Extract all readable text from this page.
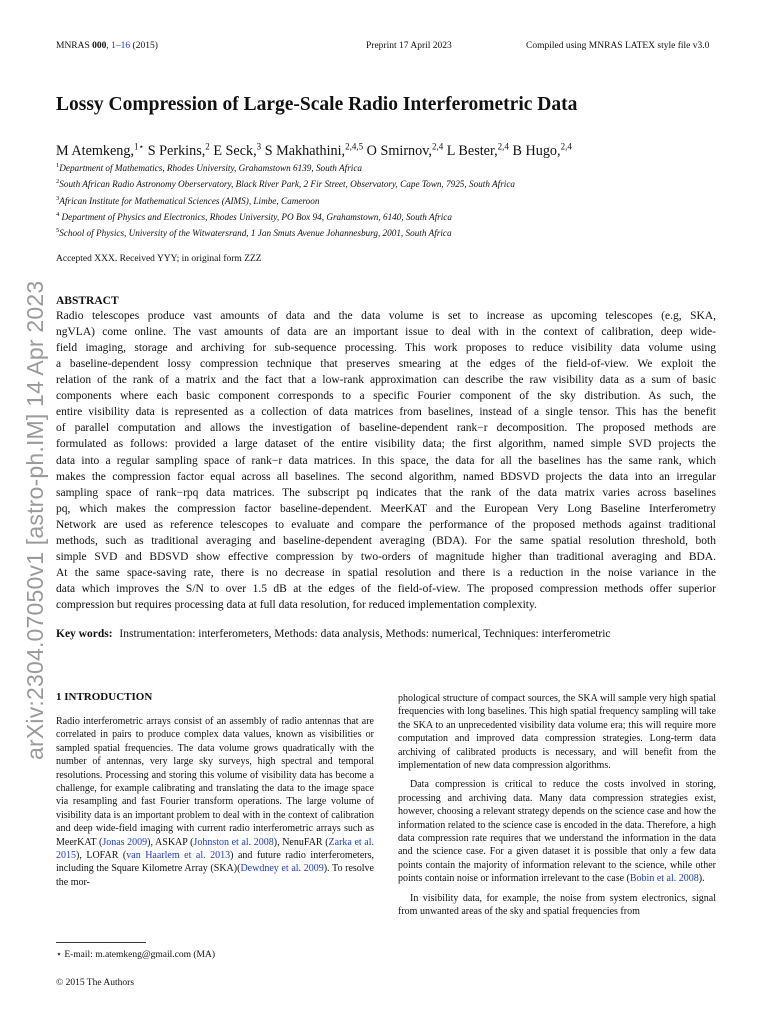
MNRAS 000, 1–16 (2015)	Preprint 17 April 2023	Compiled using MNRAS LATEX style file v3.0
arXiv:2304.07050v1 [astro-ph.IM] 14 Apr 2023
Lossy Compression of Large-Scale Radio Interferometric Data
M Atemkeng,$^{1⋆}$ S Perkins,$^2$ E Seck,$^3$ S Makhathini,$^{2,4,5}$ O Smirnov,$^{2,4}$ L Bester,$^{2,4}$ B Hugo,$^{2,4}$
$^1$Department of Mathematics, Rhodes University, Grahamstown 6139, South Africa
$^2$South African Radio Astronomy Oberservatory, Black River Park, 2 Fir Street, Observatory, Cape Town, 7925, South Africa
$^3$African Institute for Mathematical Sciences (AIMS), Limbe, Cameroon
$^4$ Department of Physics and Electronics, Rhodes University, PO Box 94, Grahamstown, 6140, South Africa
$^5$School of Physics, University of the Witwatersrand, 1 Jan Smuts Avenue Johannesburg, 2001, South Africa
Accepted XXX. Received YYY; in original form ZZZ
ABSTRACT
Radio telescopes produce vast amounts of data and the data volume is set to increase as upcoming telescopes (e.g, SKA,
ngVLA) come online. The vast amounts of data are an important issue to deal with in the context of calibration, deep wide-
field imaging, storage and archiving for sub-sequence processing. This work proposes to reduce visibility data volume using
a baseline-dependent lossy compression technique that preserves smearing at the edges of the field-of-view. We exploit the
relation of the rank of a matrix and the fact that a low-rank approximation can describe the raw visibility data as a sum of basic
components where each basic component corresponds to a specific Fourier component of the sky distribution. As such, the
entire visibility data is represented as a collection of data matrices from baselines, instead of a single tensor. This has the benefit
of parallel computation and allows the investigation of baseline-dependent rank−r decomposition. The proposed methods are
formulated as follows: provided a large dataset of the entire visibility data; the first algorithm, named simple SVD projects the
data into a regular sampling space of rank−r data matrices. In this space, the data for all the baselines has the same rank, which
makes the compression factor equal across all baselines. The second algorithm, named BDSVD projects the data into an irregular
sampling space of rank−rpq data matrices. The subscript pq indicates that the rank of the data matrix varies across baselines
pq, which makes the compression factor baseline-dependent. MeerKAT and the European Very Long Baseline Interferometry
Network are used as reference telescopes to evaluate and compare the performance of the proposed methods against traditional
methods, such as traditional averaging and baseline-dependent averaging (BDA). For the same spatial resolution threshold, both
simple SVD and BDSVD show effective compression by two-orders of magnitude higher than traditional averaging and BDA.
At the same space-saving rate, there is no decrease in spatial resolution and there is a reduction in the noise variance in the
data which improves the S/N to over 1.5 dB at the edges of the field-of-view. The proposed compression methods offer superior
compression but requires processing data at full data resolution, for reduced implementation complexity.
Key words: Instrumentation: interferometers, Methods: data analysis, Methods: numerical, Techniques: interferometric
1 INTRODUCTION

Radio interferometric arrays consist of an assembly of radio antennas that are correlated in pairs to produce complex data values, known as visibilities or sampled spatial frequencies. The data volume grows quadratically with the number of antennas, very large sky surveys, high spectral and temporal resolutions. Processing and storing this volume of visibility data has become a challenge, for example calibrating and translating the data to the image space via resampling and fast Fourier transform operations. The large volume of visibility data is an important problem to deal with in the context of calibration and deep wide-field imaging with current radio interferometric arrays such as MeerKAT (Jonas 2009), ASKAP (Johnston et al. 2008), NenuFAR (Zarka et al. 2015), LOFAR (van Haarlem et al. 2013) and future radio interferometers, including the Square Kilometre Array (SKA)(Dewdney et al. 2009). To resolve the mor-

phological structure of compact sources, the SKA will sample very high spatial frequencies with long baselines. This high spatial frequency sampling will take the SKA to an unprecedented visibility data volume era; this will require more computation and improved data compression strategies. Long-term data archiving of calibrated products is necessary, and will benefit from the implementation of new data compression algorithms.

Data compression is critical to reduce the costs involved in storing, processing and archiving data. Many data compression strategies exist, however, choosing a relevant strategy depends on the science case and how the information related to the science case is encoded in the data. Therefore, a high data compression rate requires that we understand the information in the data and the science case. For a given dataset it is possible that only a few data points contain the majority of information relevant to the science, while other points contain noise or information irrelevant to the case (Bobin et al. 2008).

In visibility data, for example, the noise from system electronics, signal from unwanted areas of the sky and spatial frequencies from

⋆ E-mail: m.atemkeng@gmail.com (MA)
© 2015 The Authors
